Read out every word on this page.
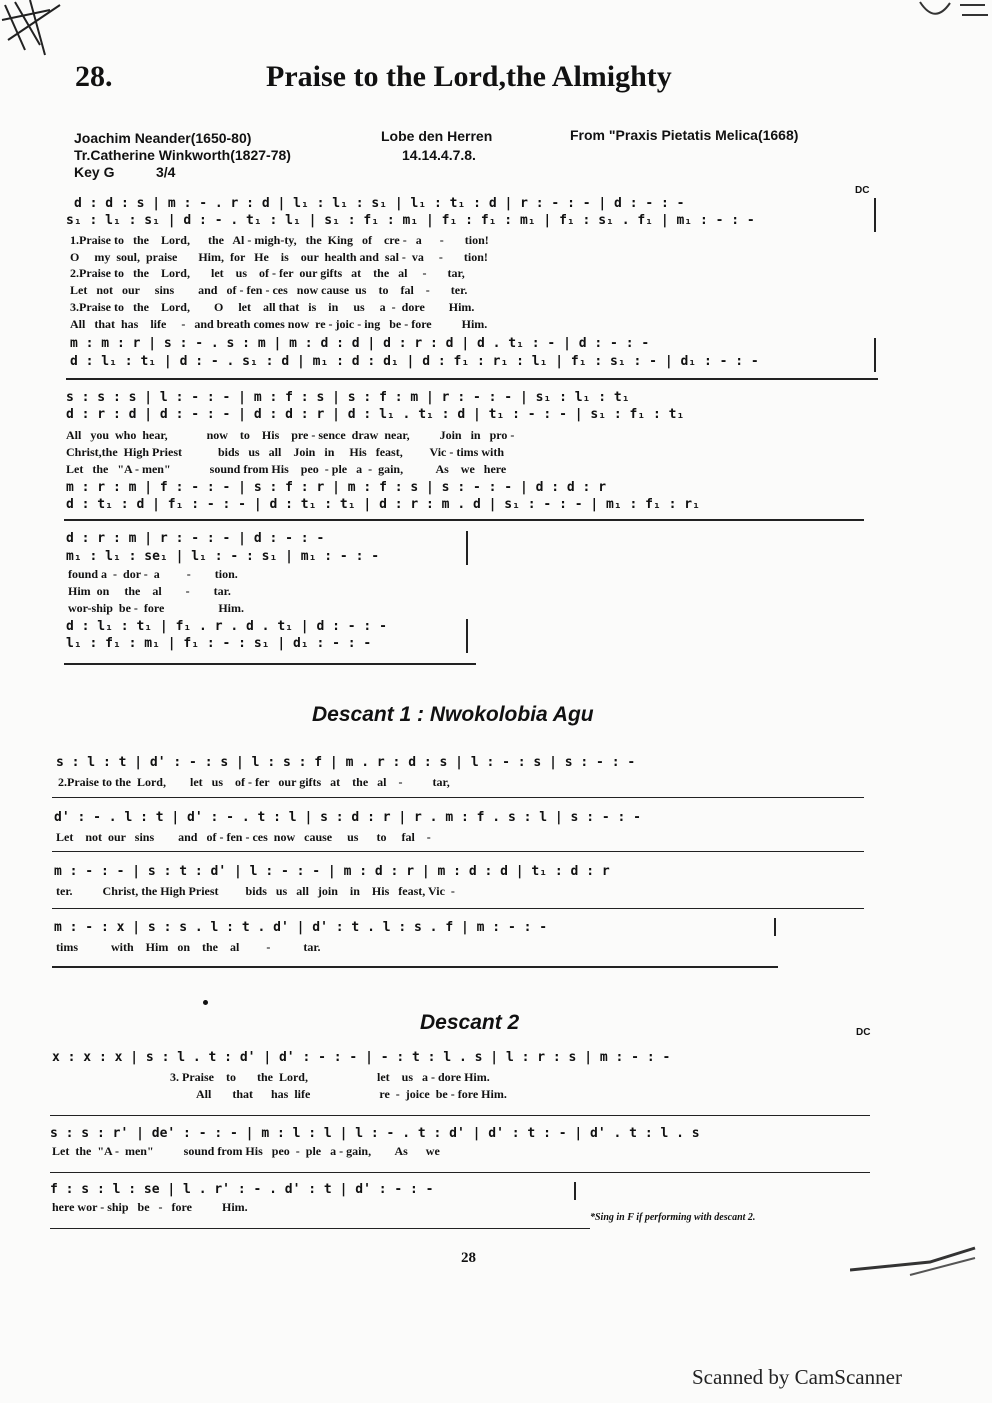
28.	Praise to the Lord,the Almighty
Joachim Neander(1650-80)
Tr.Catherine Winkworth(1827-78)
Lobe den Herren
14.14.4.7.8.
From "Praxis Pietatis Melica(1668)
Key G	3/4
DC
d : d : s | m : - . r : d | l₁ : l₁ : s₁ | l₁ : t₁ : d | r : - : - | d : - : -
s₁ : l₁ : s₁ | d : - . t₁ : l₁ | s₁ : f₁ : m₁ | f₁ : f₁ : m₁ | f₁ : s₁ . f₁ | m₁ : - : -
1.Praise to   the    Lord,      the   Al - migh-ty,   the  King   of    cre -   a      -       tion!
O     my  soul,  praise       Him,  for   He    is    our  health and  sal -  va     -       tion!
2.Praise to   the    Lord,       let    us    of - fer  our gifts   at    the   al     -       tar,
Let   not   our     sins        and   of - fen - ces   now cause  us    to    fal    -       ter.
3.Praise to   the    Lord,        O     let    all that   is    in     us     a  -  dore        Him.
All   that  has    life     -   and breath comes now  re - joic - ing   be - fore          Him.
m : m : r | s : - . s : m | m : d : d | d : r : d | d . t₁ : - | d : - : -
d : l₁ : t₁ | d : - . s₁ : d | m₁ : d : d₁ | d : f₁ : r₁ : l₁ | f₁ : s₁ : - | d₁ : - : -
s : s : s | l : - : - | m : f : s | s : f : m | r : - : - | s₁ : l₁ : t₁
d : r : d | d : - : - | d : d : r | d : l₁ . t₁ : d | t₁ : - : - | s₁ : f₁ : t₁
All   you  who  hear,             now    to    His    pre - sence  draw  near,          Join   in   pro -
Christ,the  High Priest            bids   us   all    Join   in     His   feast,         Vic - tims with
Let   the   "A - men"             sound from His    peo  - ple   a  -  gain,           As    we   here
m : r : m | f : - : - | s : f : r | m : f : s | s : - : - | d : d : r
d : t₁ : d | f₁ : - : - | d : t₁ : t₁ | d : r : m . d | s₁ : - : - | m₁ : f₁ : r₁
d : r : m | r : - : - | d : - : -
m₁ : l₁ : se₁ | l₁ : - : s₁ | m₁ : - : -
found a  -  dor -  a         -        tion.
Him  on     the    al        -        tar.
wor-ship  be -  fore                  Him.
d : l₁ : t₁ | f₁ . r . d . t₁ | d : - : -
l₁ : f₁ : m₁ | f₁ : - : s₁ | d₁ : - : -
Descant 1 : Nwokolobia Agu
s : l : t | d' : - : s | l : s : f | m . r : d : s | l : - : s | s : - : -
2.Praise to the  Lord,        let   us    of - fer   our gifts   at    the   al    -          tar,
d' : - . l : t | d' : - . t : l | s : d : r | r . m : f . s : l | s : - : -
Let    not  our   sins        and   of - fen - ces  now   cause     us      to     fal    -
m : - : - | s : t : d' | l : - : - | m : d : r | m : d : d | t₁ : d : r
ter.          Christ, the High Priest         bids   us   all   join    in    His   feast, Vic  -
m : - : x | s : s . l : t . d' | d' : t . l : s . f | m : - : -
tims           with    Him   on    the    al         -           tar.
Descant 2	DC
x : x : x | s : l . t : d' | d' : - : - | - : t : l . s | l : r : s | m : - : -
3. Praise    to       the  Lord,                       let    us   a - dore Him.
All       that      has  life                       re  -  joice  be - fore Him.
s : s : r' | de' : - : - | m : l : l | l : - . t : d' | d' : t : - | d' . t : l . s
Let  the  "A -  men"          sound from His   peo  -  ple   a - gain,        As      we
f : s : l : se | l . r' : - . d' : t | d' : - : -
here wor - ship   be   -   fore          Him.
*Sing in F if performing with descant 2.
28
Scanned by CamScanner
